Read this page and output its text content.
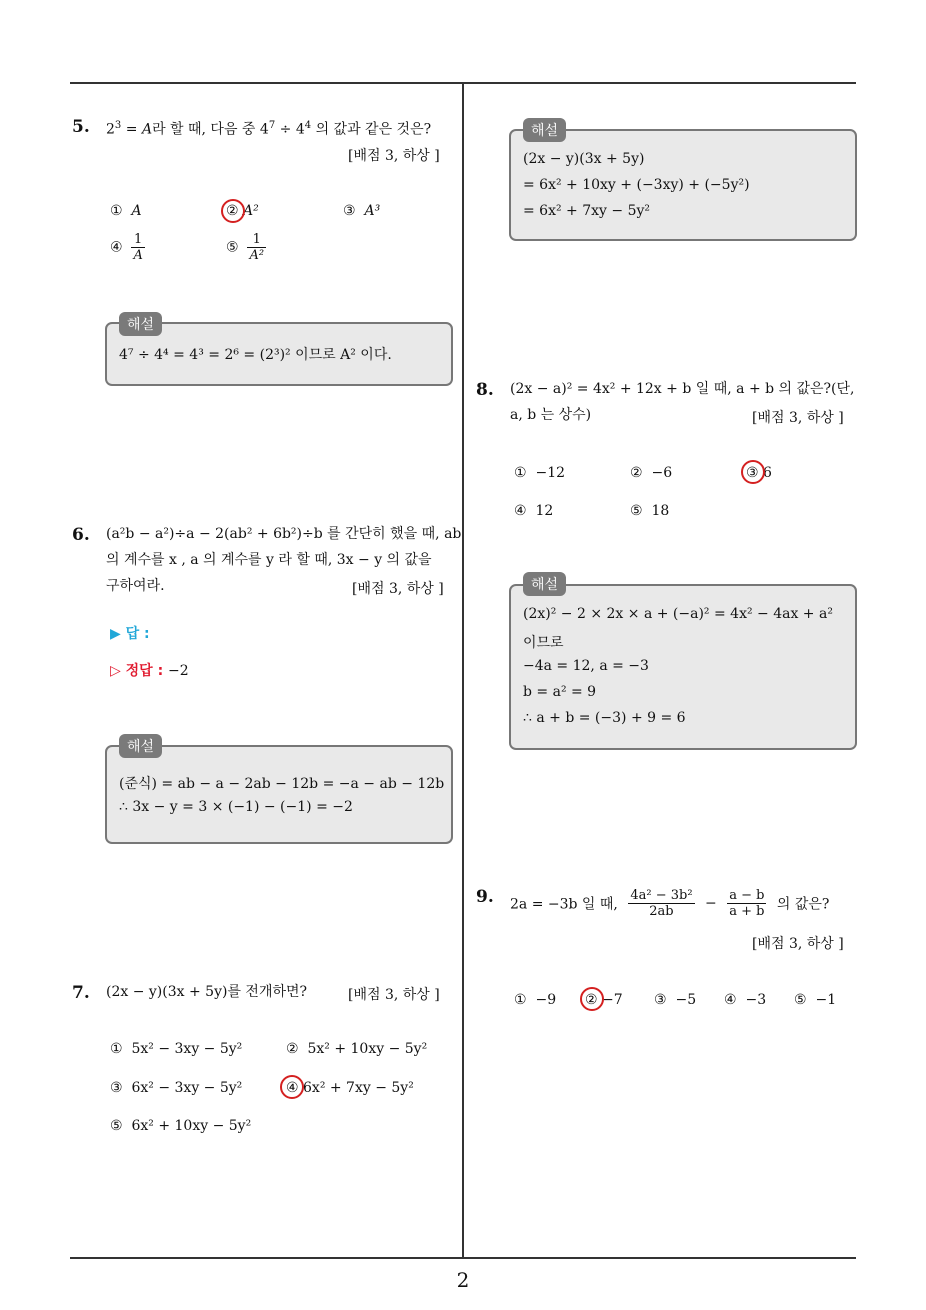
2
5. $2^3 = A$라 할 때, 다음 중 $4^7 \div 4^4$ 의 값과 같은 것은?
[배점 3, 하상 ]
① A	② A²	③ A³
④ $\frac{1}{A}$	⑤ $\frac{1}{\text{A²}}$
4⁷ ÷ 4⁴ = 4³ = 2⁶ = (2³)² 이므로 A² 이다.
해설
6. (a²b − a²)÷a − 2(ab² + 6b²)÷b 를 간단히 했을 때, ab
의 계수를 x , a 의 계수를 y 라 할 때, 3x − y 의 값을
구하여라.	[배점 3, 하상 ]
▶ 답 :
▷ 정답 : −2
(준식) = ab − a − 2ab − 12b = −a − ab − 12b
∴ 3x − y = 3 × (−1) − (−1) = −2
해설
7. (2x − y)(3x + 5y)를 전개하면?	[배점 3, 하상 ]
① 5x² − 3xy − 5y²	② 5x² + 10xy − 5y²
③ 6x² − 3xy − 5y²	④ 6x² + 7xy − 5y²
⑤ 6x² + 10xy − 5y²
(2x − y)(3x + 5y)
= 6x² + 10xy + (−3xy) + (−5y²)
= 6x² + 7xy − 5y²
해설
8. (2x − a)² = 4x² + 12x + b 일 때, a + b 의 값은?(단,
a, b 는 상수)	[배점 3, 하상 ]
① −12	② −6	③ 6
④ 12	⑤ 18
(2x)² − 2 × 2x × a + (−a)² = 4x² − 4ax + a²
이므로
−4a = 12, a = −3
b = a² = 9
∴ a + b = (−3) + 9 = 6
해설
9. 2a = −3b 일 때, $\frac{\text{4a² − 3b²}}{2ab} - \frac{a - b}{a + b}$ 의 값은?
[배점 3, 하상 ]
① −9 ② −7 ③ −5 ④ −3 ⑤ −1
